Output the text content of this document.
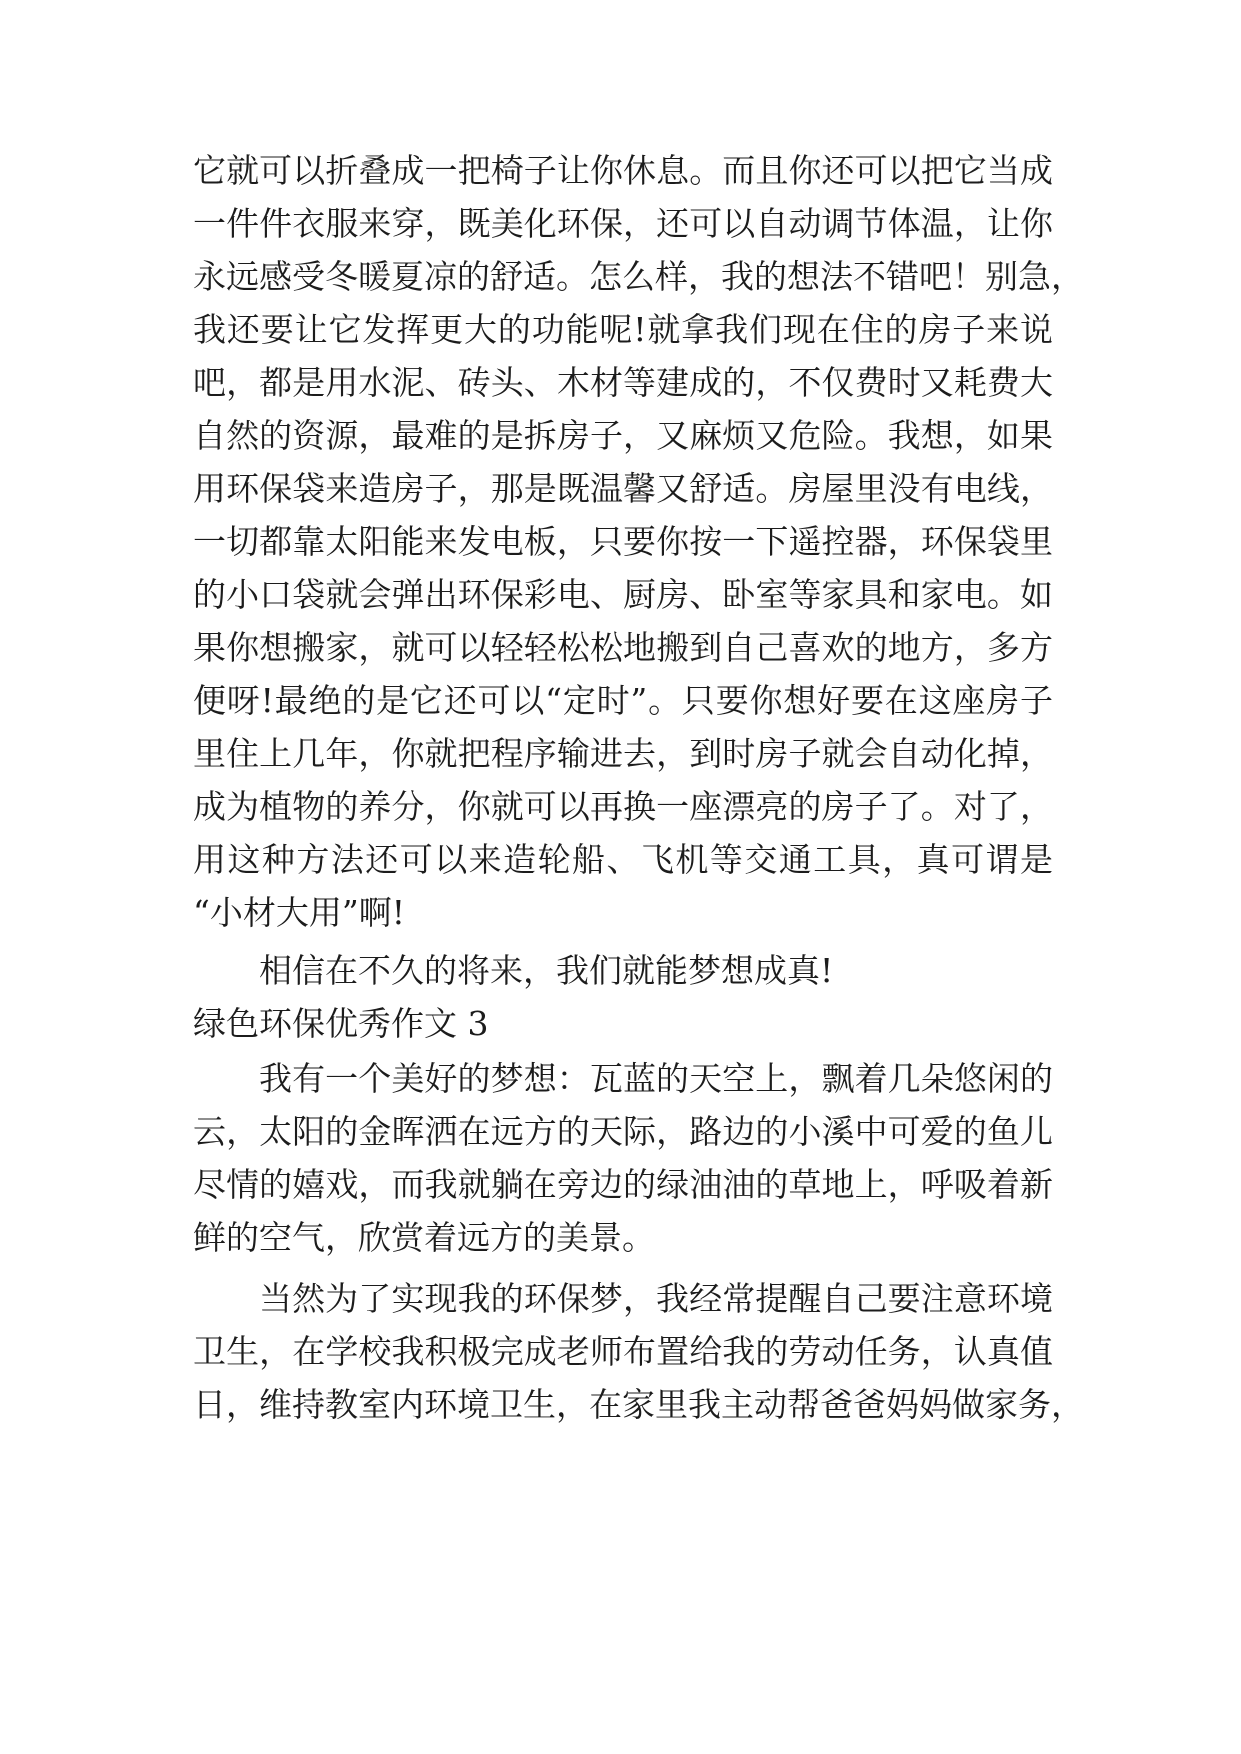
它就可以折叠成一把椅子让你休息。而且你还可以把它当成
一件件衣服来穿，既美化环保，还可以自动调节体温，让你
永远感受冬暖夏凉的舒适。怎么样，我的想法不错吧！别急，
我还要让它发挥更大的功能呢!就拿我们现在住的房子来说
吧，都是用水泥、砖头、木材等建成的，不仅费时又耗费大
自然的资源，最难的是拆房子，又麻烦又危险。我想，如果
用环保袋来造房子，那是既温馨又舒适。房屋里没有电线，
一切都靠太阳能来发电板，只要你按一下遥控器，环保袋里
的小口袋就会弹出环保彩电、厨房、卧室等家具和家电。如
果你想搬家，就可以轻轻松松地搬到自己喜欢的地方，多方
便呀!最绝的是它还可以“定时”。只要你想好要在这座房子
里住上几年，你就把程序输进去，到时房子就会自动化掉，
成为植物的养分，你就可以再换一座漂亮的房子了。对了，
用这种方法还可以来造轮船、飞机等交通工具，真可谓是
“小材大用”啊!
相信在不久的将来，我们就能梦想成真!
绿色环保优秀作文 3
我有一个美好的梦想：瓦蓝的天空上，飘着几朵悠闲的
云，太阳的金晖洒在远方的天际，路边的小溪中可爱的鱼儿
尽情的嬉戏，而我就躺在旁边的绿油油的草地上，呼吸着新
鲜的空气，欣赏着远方的美景。
当然为了实现我的环保梦，我经常提醒自己要注意环境
卫生，在学校我积极完成老师布置给我的劳动任务，认真值
日，维持教室内环境卫生，在家里我主动帮爸爸妈妈做家务，
